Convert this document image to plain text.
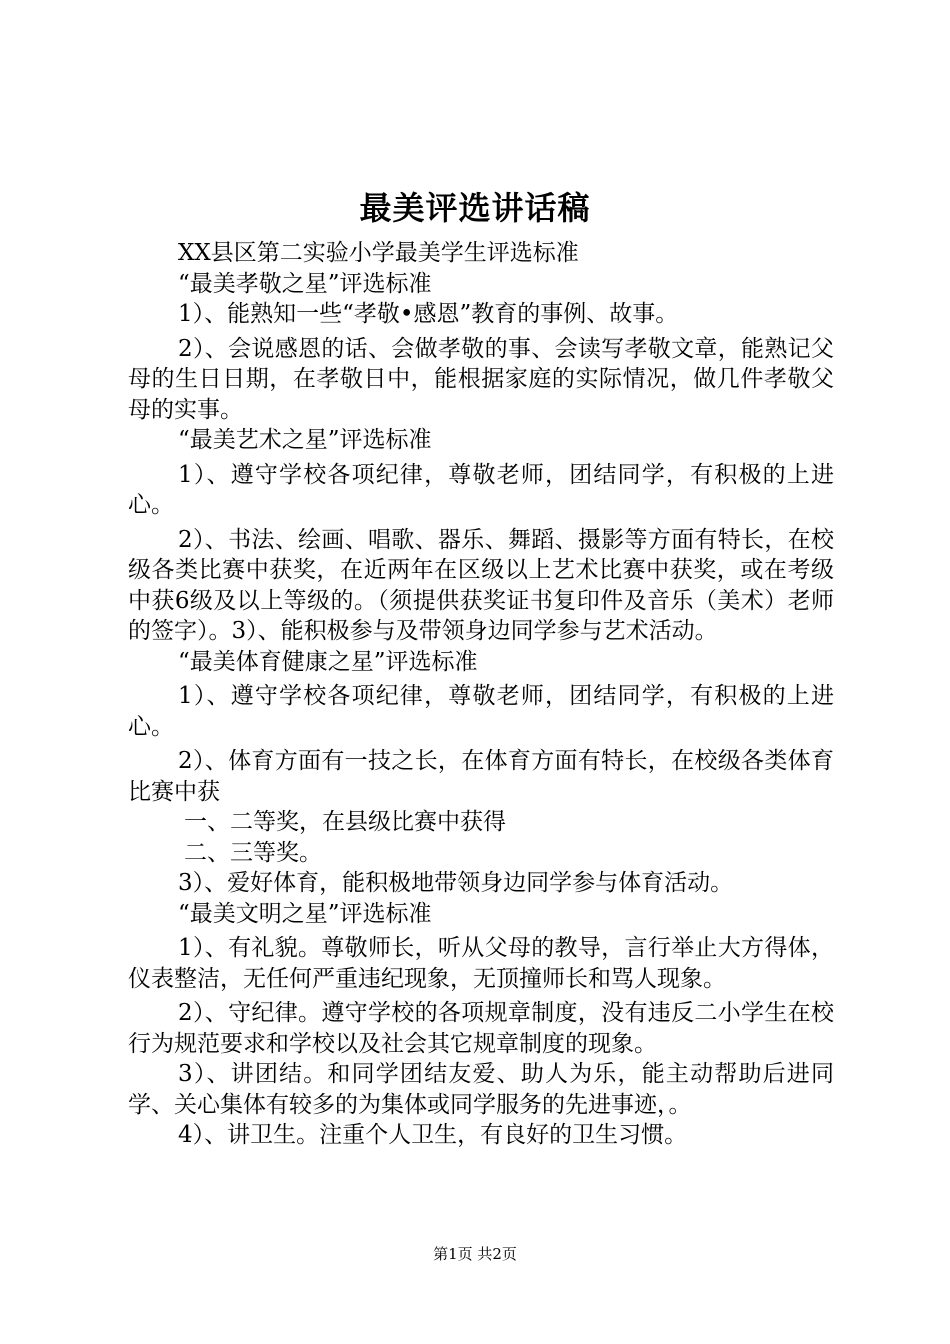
最美评选讲话稿

XX县区第二实验小学最美学生评选标准

“最美孝敬之星”评选标准

1）、能熟知一些“孝敬•感恩”教育的事例、故事。

2）、会说感恩的话、会做孝敬的事、会读写孝敬文章，能熟记父母的生日日期，在孝敬日中，能根据家庭的实际情况，做几件孝敬父母的实事。

“最美艺术之星”评选标准

1）、遵守学校各项纪律，尊敬老师，团结同学，有积极的上进心。

2）、书法、绘画、唱歌、器乐、舞蹈、摄影等方面有特长，在校级各类比赛中获奖，在近两年在区级以上艺术比赛中获奖，或在考级中获6级及以上等级的。（须提供获奖证书复印件及音乐（美术）老师的签字）。3）、能积极参与及带领身边同学参与艺术活动。

“最美体育健康之星”评选标准

1）、遵守学校各项纪律，尊敬老师，团结同学，有积极的上进心。

2）、体育方面有一技之长，在体育方面有特长，在校级各类体育比赛中获

一、二等奖，在县级比赛中获得

二、三等奖。

3）、爱好体育，能积极地带领身边同学参与体育活动。

“最美文明之星”评选标准

1）、有礼貌。尊敬师长，听从父母的教导，言行举止大方得体，仪表整洁，无任何严重违纪现象，无顶撞师长和骂人现象。

2）、守纪律。遵守学校的各项规章制度，没有违反二小学生在校行为规范要求和学校以及社会其它规章制度的现象。

3）、讲团结。和同学团结友爱、助人为乐，能主动帮助后进同学、关心集体有较多的为集体或同学服务的先进事迹，。

4）、讲卫生。注重个人卫生，有良好的卫生习惯。

第1页 共2页
